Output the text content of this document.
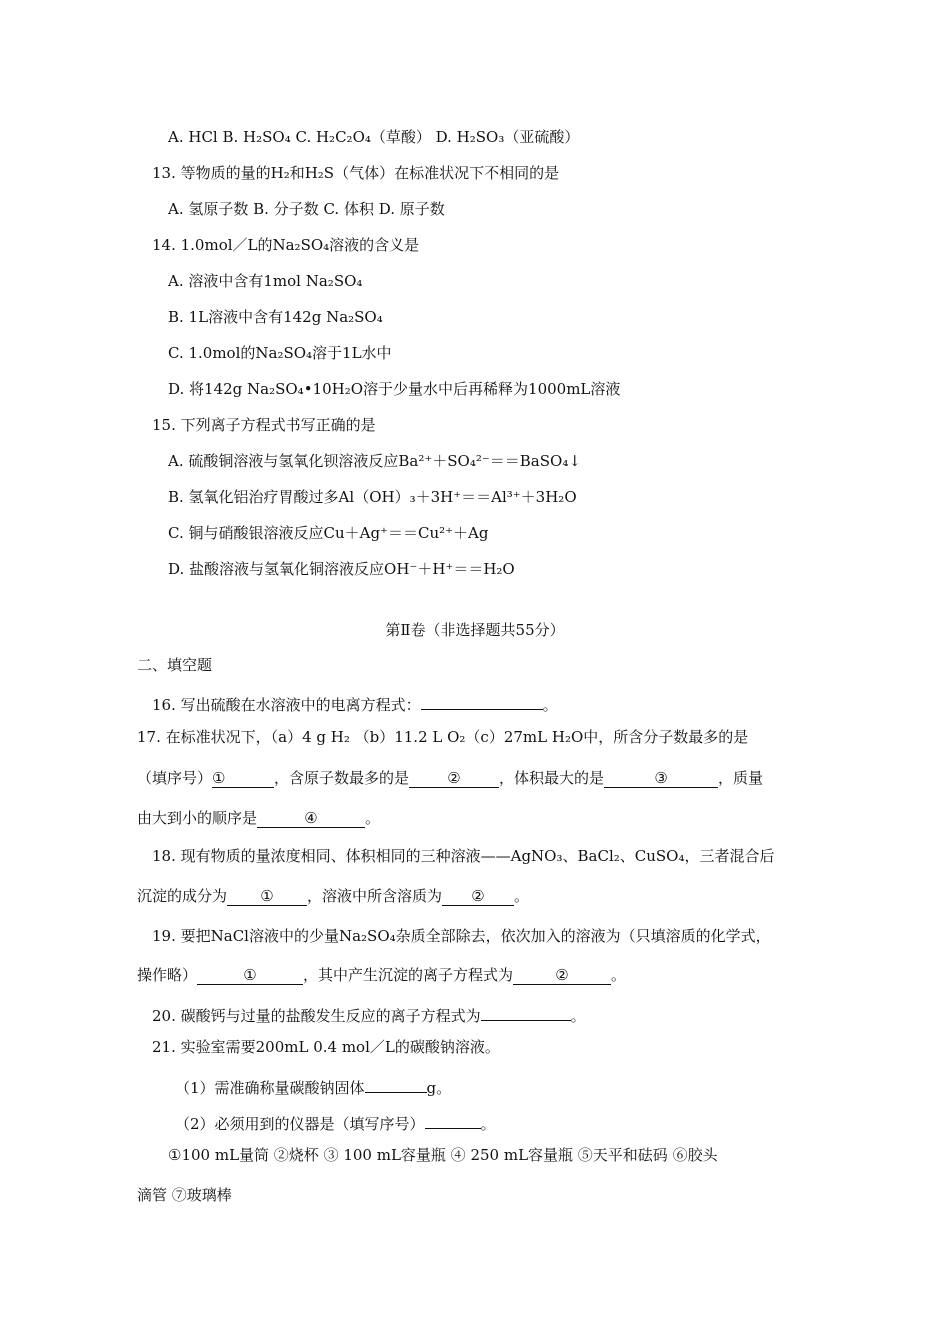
A. HCl B. H₂SO₄ C. H₂C₂O₄（草酸） D. H₂SO₃（亚硫酸）
13. 等物质的量的H₂和H₂S（气体）在标准状况下不相同的是
A. 氢原子数 B. 分子数 C. 体积 D. 原子数
14. 1.0mol／L的Na₂SO₄溶液的含义是
A. 溶液中含有1mol Na₂SO₄
B. 1L溶液中含有142g Na₂SO₄
C. 1.0mol的Na₂SO₄溶于1L水中
D. 将142g Na₂SO₄•10H₂O溶于少量水中后再稀释为1000mL溶液
15. 下列离子方程式书写正确的是
A. 硫酸铜溶液与氢氧化钡溶液反应Ba²⁺＋SO₄²⁻＝＝BaSO₄↓
B. 氢氧化铝治疗胃酸过多Al（OH）₃＋3H⁺＝＝Al³⁺＋3H₂O
C. 铜与硝酸银溶液反应Cu＋Ag⁺＝＝Cu²⁺＋Ag
D. 盐酸溶液与氢氧化铜溶液反应OH⁻＋H⁺＝＝H₂O
第Ⅱ卷（非选择题共55分）
二、填空题
16. 写出硫酸在水溶液中的电离方程式：	。
17. 在标准状况下，（a）4 g H₂ （b）11.2 L O₂（c）27mL H₂O中，所含分子数最多的是
（填序号）①	，含原子数最多的是	②	，体积最大的是	③	，质量
由大到小的顺序是	④	。
18. 现有物质的量浓度相同、体积相同的三种溶液——AgNO₃、BaCl₂、CuSO₄，三者混合后
沉淀的成分为 ① ，溶液中所含溶质为 ② 。
19. 要把NaCl溶液中的少量Na₂SO₄杂质全部除去，依次加入的溶液为（只填溶质的化学式，
操作略）	①	，其中产生沉淀的离子方程式为	②	。
20. 碳酸钙与过量的盐酸发生反应的离子方程式为	。
21. 实验室需要200mL 0.4 mol／L的碳酸钠溶液。
（1）需准确称量碳酸钠固体	g。
（2）必须用到的仪器是（填写序号）	。
①100 mL量筒 ②烧杯 ③ 100 mL容量瓶 ④ 250 mL容量瓶 ⑤天平和砝码 ⑥胶头
滴管 ⑦玻璃棒
